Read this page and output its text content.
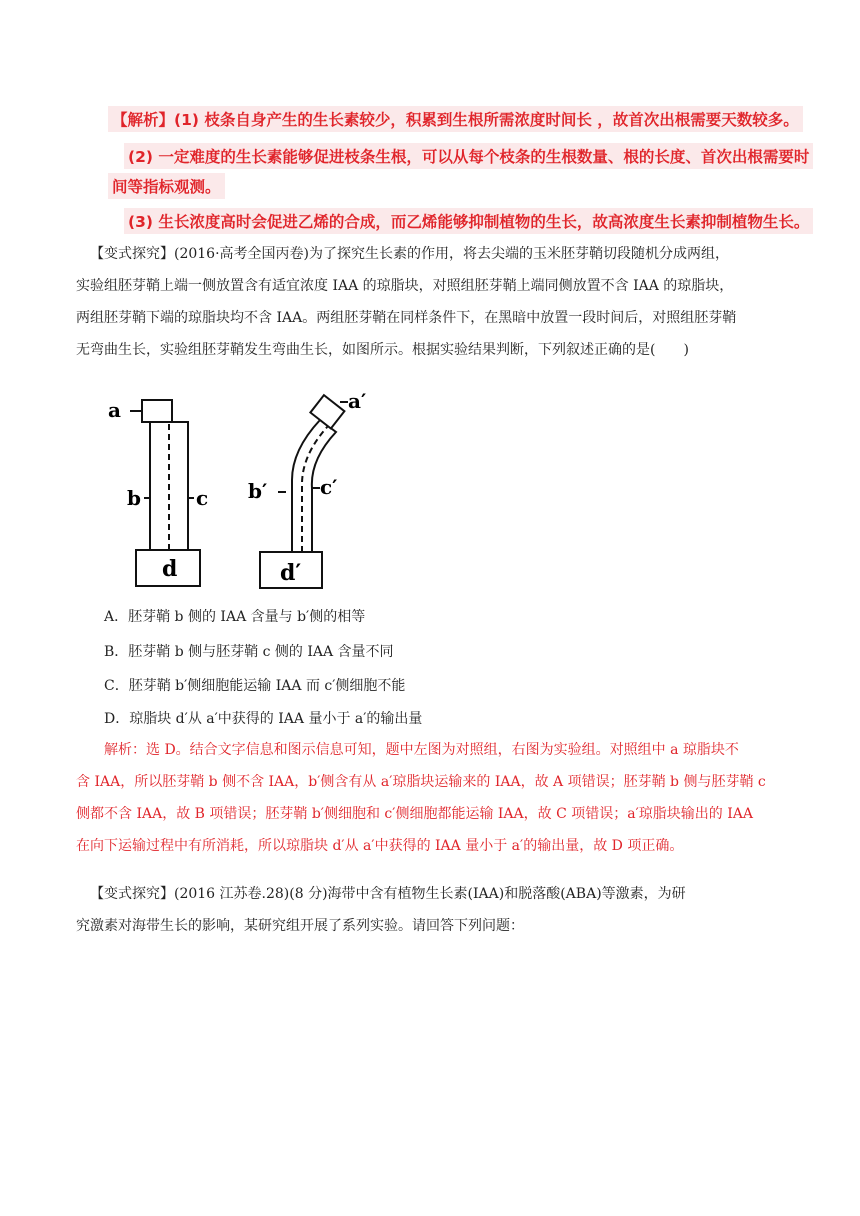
【解析】(1) 枝条自身产生的生长素较少，积累到生根所需浓度时间长 ，故首次出根需要天数较多。
(2) 一定难度的生长素能够促进枝条生根，可以从每个枝条的生根数量、根的长度、首次出根需要时
间等指标观测。
(3) 生长浓度高时会促进乙烯的合成，而乙烯能够抑制植物的生长，故高浓度生长素抑制植物生长。
【变式探究】(2016·高考全国丙卷)为了探究生长素的作用，将去尖端的玉米胚芽鞘切段随机分成两组，
实验组胚芽鞘上端一侧放置含有适宜浓度 IAA 的琼脂块，对照组胚芽鞘上端同侧放置不含 IAA 的琼脂块，
两组胚芽鞘下端的琼脂块均不含 IAA。两组胚芽鞘在同样条件下，在黑暗中放置一段时间后，对照组胚芽鞘
无弯曲生长，实验组胚芽鞘发生弯曲生长，如图所示。根据实验结果判断，下列叙述正确的是(　　)
a
b	c
d
a′
b′	c′
d′
A．胚芽鞘 b 侧的 IAA 含量与 b′侧的相等
B．胚芽鞘 b 侧与胚芽鞘 c 侧的 IAA 含量不同
C．胚芽鞘 b′侧细胞能运输 IAA 而 c′侧细胞不能
D．琼脂块 d′从 a′中获得的 IAA 量小于 a′的输出量
解析：选 D。结合文字信息和图示信息可知，题中左图为对照组，右图为实验组。对照组中 a 琼脂块不
含 IAA，所以胚芽鞘 b 侧不含 IAA，b′侧含有从 a′琼脂块运输来的 IAA，故 A 项错误；胚芽鞘 b 侧与胚芽鞘 c
侧都不含 IAA，故 B 项错误；胚芽鞘 b′侧细胞和 c′侧细胞都能运输 IAA，故 C 项错误；a′琼脂块输出的 IAA
在向下运输过程中有所消耗，所以琼脂块 d′从 a′中获得的 IAA 量小于 a′的输出量，故 D 项正确。
【变式探究】(2016 江苏卷.28)(8 分)海带中含有植物生长素(IAA)和脱落酸(ABA)等激素，为研
究激素对海带生长的影响，某研究组开展了系列实验。请回答下列问题：
